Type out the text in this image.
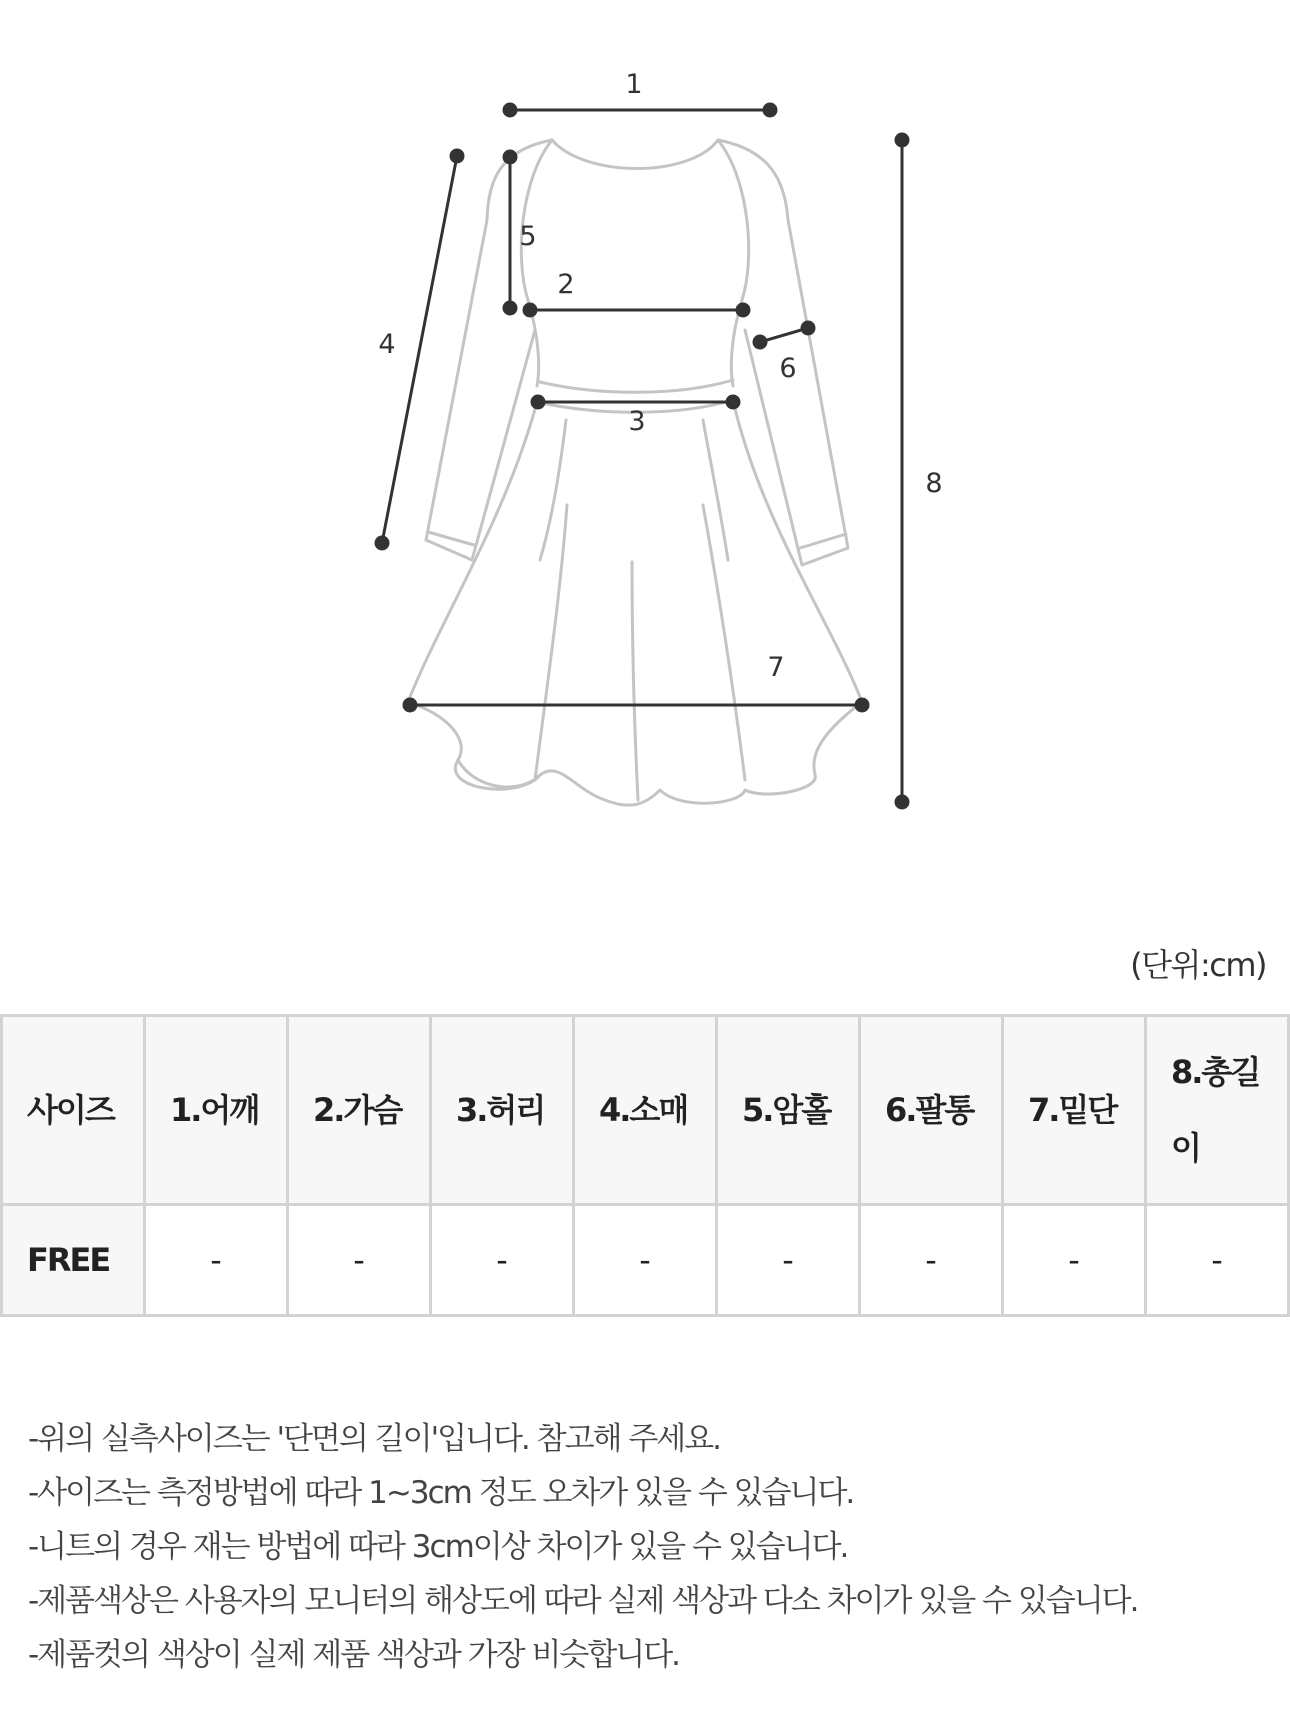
1
2
3
4
5
6
7
8
(단위:cm)
사이즈	1.어깨	2.가슴	3.허리	4.소매	5.암홀	6.팔통	7.밑단	8.총길이
FREE	-	-	-	-	-	-	-	-
-위의 실측사이즈는 '단면의 길이'입니다. 참고해 주세요.
-사이즈는 측정방법에 따라 1~3cm 정도 오차가 있을 수 있습니다.
-니트의 경우 재는 방법에 따라 3cm이상 차이가 있을 수 있습니다.
-제품색상은 사용자의 모니터의 해상도에 따라 실제 색상과 다소 차이가 있을 수 있습니다.
-제품컷의 색상이 실제 제품 색상과 가장 비슷합니다.
